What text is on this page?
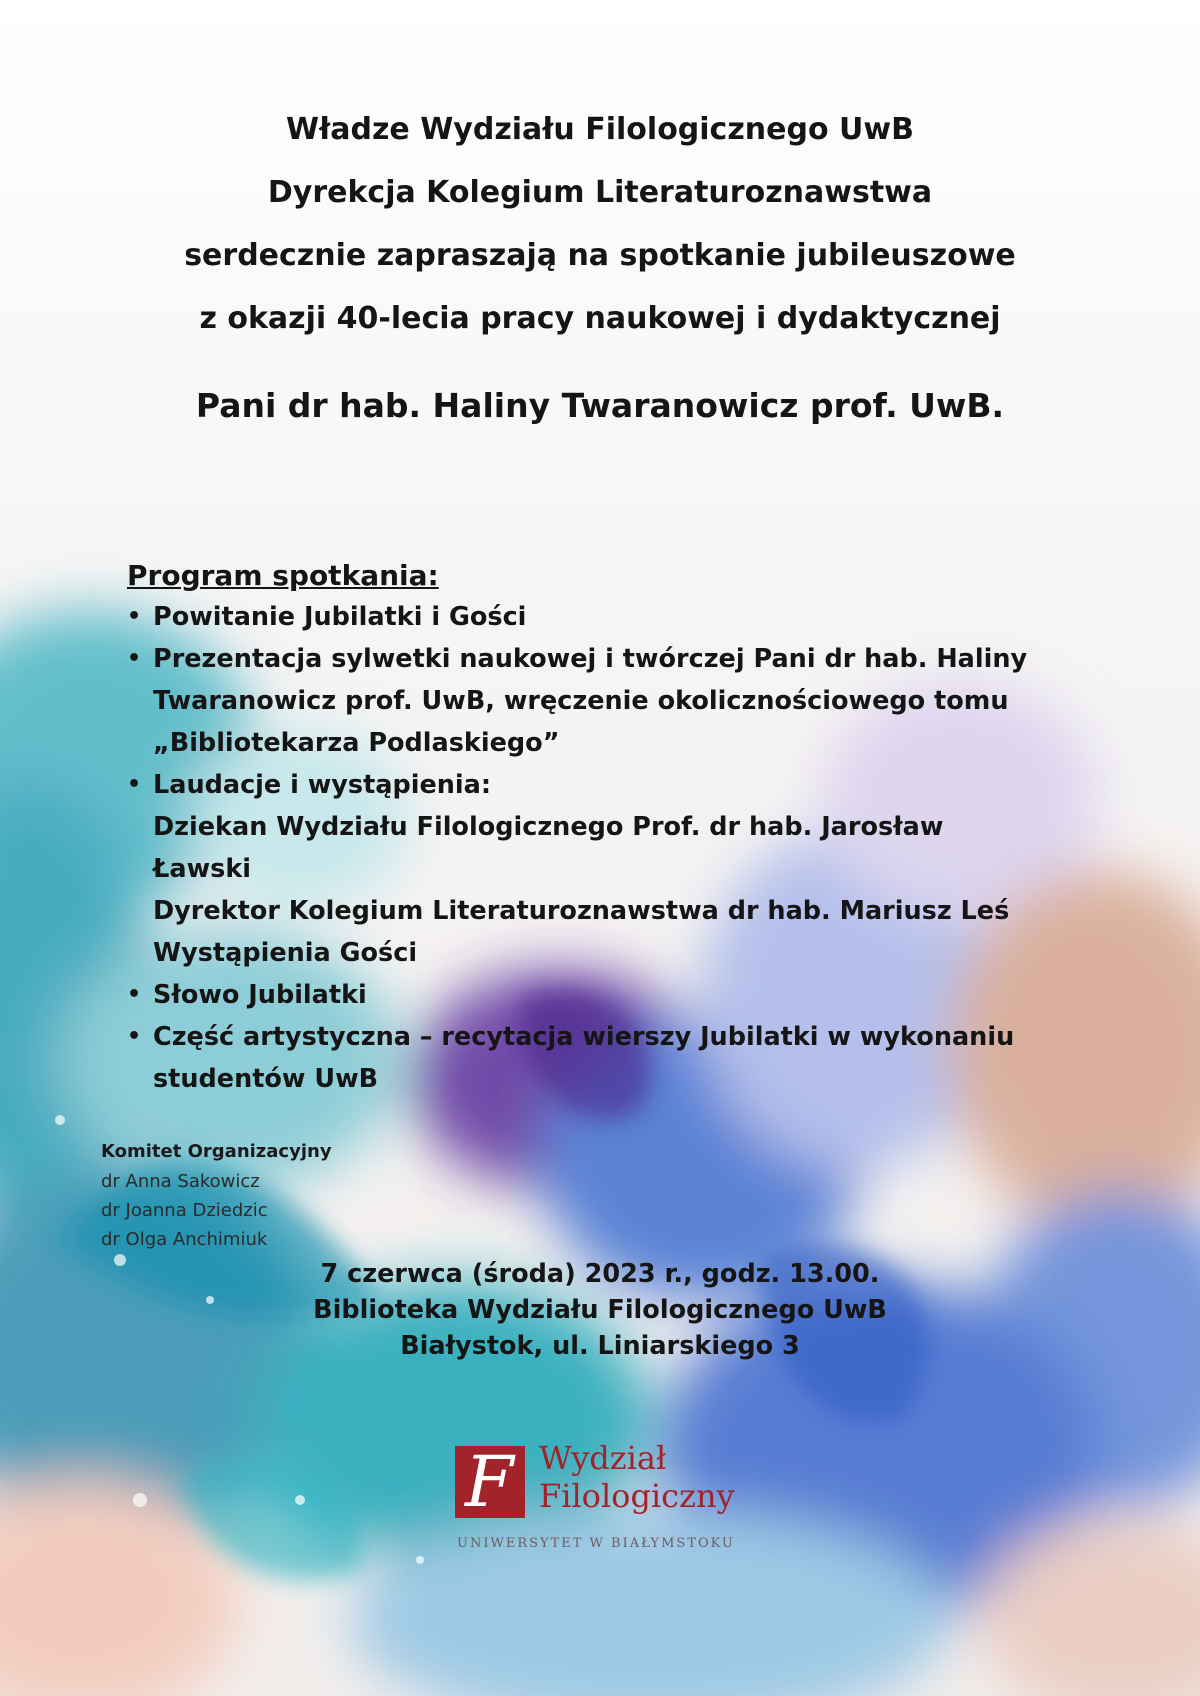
Władze Wydziału Filologicznego UwB
Dyrekcja Kolegium Literaturoznawstwa
serdecznie zapraszają na spotkanie jubileuszowe
z okazji 40-lecia pracy naukowej i dydaktycznej
Pani dr hab. Haliny Twaranowicz prof. UwB.
Program spotkania:
• Powitanie Jubilatki i Gości
• Prezentacja sylwetki naukowej i twórczej Pani dr hab. Haliny
Twaranowicz prof. UwB, wręczenie okolicznościowego tomu
„Bibliotekarza Podlaskiego”
• Laudacje i wystąpienia:
Dziekan Wydziału Filologicznego Prof. dr hab. Jarosław Ławski
Dyrektor Kolegium Literaturoznawstwa dr hab. Mariusz Leś
Wystąpienia Gości
• Słowo Jubilatki
• Część artystyczna – recytacja wierszy Jubilatki w wykonaniu
studentów UwB
Komitet Organizacyjny
dr Anna Sakowicz
dr Joanna Dziedzic
dr Olga Anchimiuk
7 czerwca (środa) 2023 r., godz. 13.00.
Biblioteka Wydziału Filologicznego UwB
Białystok, ul. Liniarskiego 3
F Wydział
Filologiczny
UNIWERSYTET W BIAŁYMSTOKU
